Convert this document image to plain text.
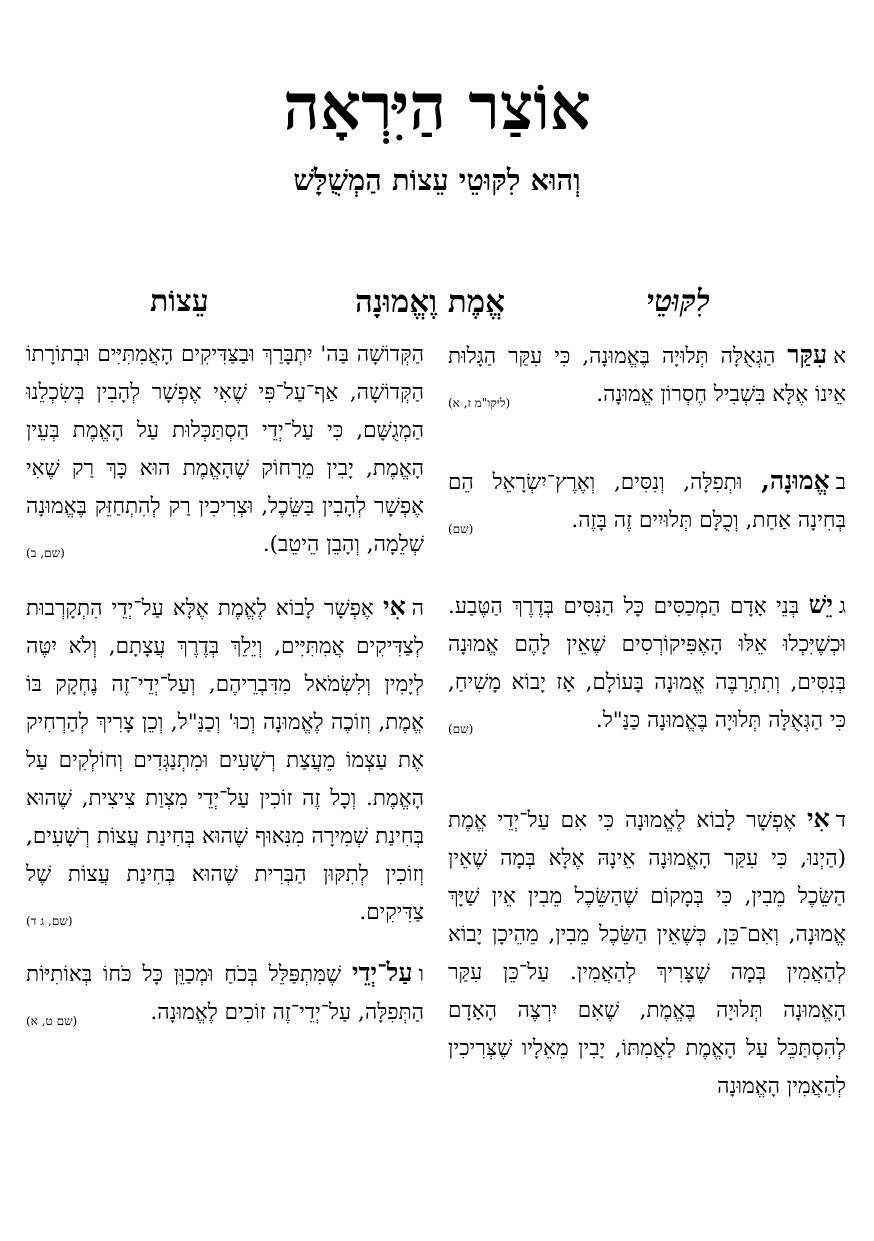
אוֹצַר הַיִּרְאָה
וְהוּא לִקּוּטֵי עֵצוֹת הַמְשֻׁלָּשׁ
לִקּוּטֵי
אֱמֶת וֶאֱמוּנָה
עֵצוֹת

אעִקַּר הַגְּאֻלָּה תְּלוּיָה בֶּאֱמוּנָה, כִּי עִקַּר הַגָּלוּת אֵינוֹ אֶלָּא בִּשְׁבִיל חֶסְרוֹן אֱמוּנָה.
(ליקו"מ ז, א)

באֱמוּנָה, וּתְפִלָּה, וְנִסִּים, וְאֶרֶץ־יִשְׂרָאֵל הֵם בְּחִינָה אַחַת, וְכֻלָּם תְּלוּיִים זֶה בָּזֶה.
(שם)

גיֵשׁ בְּנֵי אָדָם הַמְכַסִּים כָּל הַנִּסִּים בְּדֶרֶךְ הַטֶּבַע. וּכְשֶׁיִּכְלוּ אֵלּוּ הָאֶפִּיקוֹרְסִים שֶׁאֵין לָהֶם אֱמוּנָה בְּנִסִּים, וְתִתְרַבֶּה אֱמוּנָה בָּעוֹלָם, אָז יָבוֹא מָשִׁיחַ, כִּי הַגְּאֻלָּה תְּלוּיָה בֶּאֱמוּנָה כַּנַּ"ל.
(שם)

דאִי אֶפְשָׁר לָבוֹא לֶאֱמוּנָה כִּי אִם עַל־יְדֵי אֱמֶת (הַיְנוּ, כִּי עִקַּר הָאֱמוּנָה אֵינָהּ אֶלָּא בְּמָה שֶׁאֵין הַשֵּׂכֶל מֵבִין, כִּי בְּמָקוֹם שֶׁהַשֵּׂכֶל מֵבִין אֵין שַׁיָּךְ אֱמוּנָה, וְאִם־כֵּן, כְּשֶׁאֵין הַשֵּׂכֶל מֵבִין, מֵהֵיכָן יָבוֹא לְהַאֲמִין בְּמָה שֶׁצָּרִיךְ לְהַאֲמִין. עַל־כֵּן עִקַּר הָאֱמוּנָה תְּלוּיָה בֶּאֱמֶת, שֶׁאִם יִרְצֶה הָאָדָם לְהִסְתַּכֵּל עַל הָאֱמֶת לַאֲמִתּוֹ, יָבִין מֵאֵלָיו שֶׁצְּרִיכִין לְהַאֲמִין הָאֱמוּנָה

הַקְּדוֹשָׁה בַּה' יִתְבָּרַךְ וּבַצַּדִּיקִים הָאֲמִתִּיִּים וּבְתוֹרָתוֹ הַקְּדוֹשָׁה, אַף־עַל־פִּי שֶׁאִי אֶפְשָׁר לְהָבִין בְּשִׂכְלֵנוּ הַמְגֻשָּׁם, כִּי עַל־יְדֵי הַסְתַּכְּלוּת עַל הָאֱמֶת בְּעֵין הָאֱמֶת, יָבִין מֵרָחוֹק שֶׁהָאֱמֶת הוּא כָּךְ רַק שֶׁאִי אֶפְשָׁר לְהָבִין בַּשֵּׂכֶל, וּצְרִיכִין רַק לְהִתְחַזֵּק בֶּאֱמוּנָה שְׁלֵמָה, וְהָבֵן הֵיטֵב).
(שם, ב)

האִי אֶפְשָׁר לָבוֹא לֶאֱמֶת אֶלָּא עַל־יְדֵי הִתְקָרְבוּת לְצַדִּיקִים אֲמִתִּיִּים, וְיֵלֵךְ בְּדֶרֶךְ עֲצָתָם, וְלֹא יִטֶּה לְיָמִין וְלִשְׂמֹאל מִדִּבְרֵיהֶם, וְעַל־יְדֵי־זֶה נֶחְקָק בּוֹ אֱמֶת, וְזוֹכֶה לֶאֱמוּנָה וְכוּ' וְכַנַּ"ל, וְכֵן צָרִיךְ לְהַרְחִיק אֶת עַצְמוֹ מֵעֲצַת רְשָׁעִים וּמִתְנַגְּדִים וְחוֹלְקִים עַל הָאֱמֶת. וְכָל זֶה זוֹכִין עַל־יְדֵי מִצְוַת צִיצִית, שֶׁהוּא בְּחִינַת שְׁמִירָה מִנִּאוּף שֶׁהוּא בְּחִינַת עֲצוֹת רְשָׁעִים, וְזוֹכִין לְתִקּוּן הַבְּרִית שֶׁהוּא בְּחִינַת עֲצוֹת שֶׁל צַדִּיקִים.
(שם, ג ד)

ועַל־יְדֵי שֶׁמִּתְפַּלֵּל בְּכֹחַ וּמְכַוֵּן כָּל כֹּחוֹ בְּאוֹתִיּוֹת הַתְּפִלָּה, עַל־יְדֵי־זֶה זוֹכִים לֶאֱמוּנָה.
(שם ט, א)
